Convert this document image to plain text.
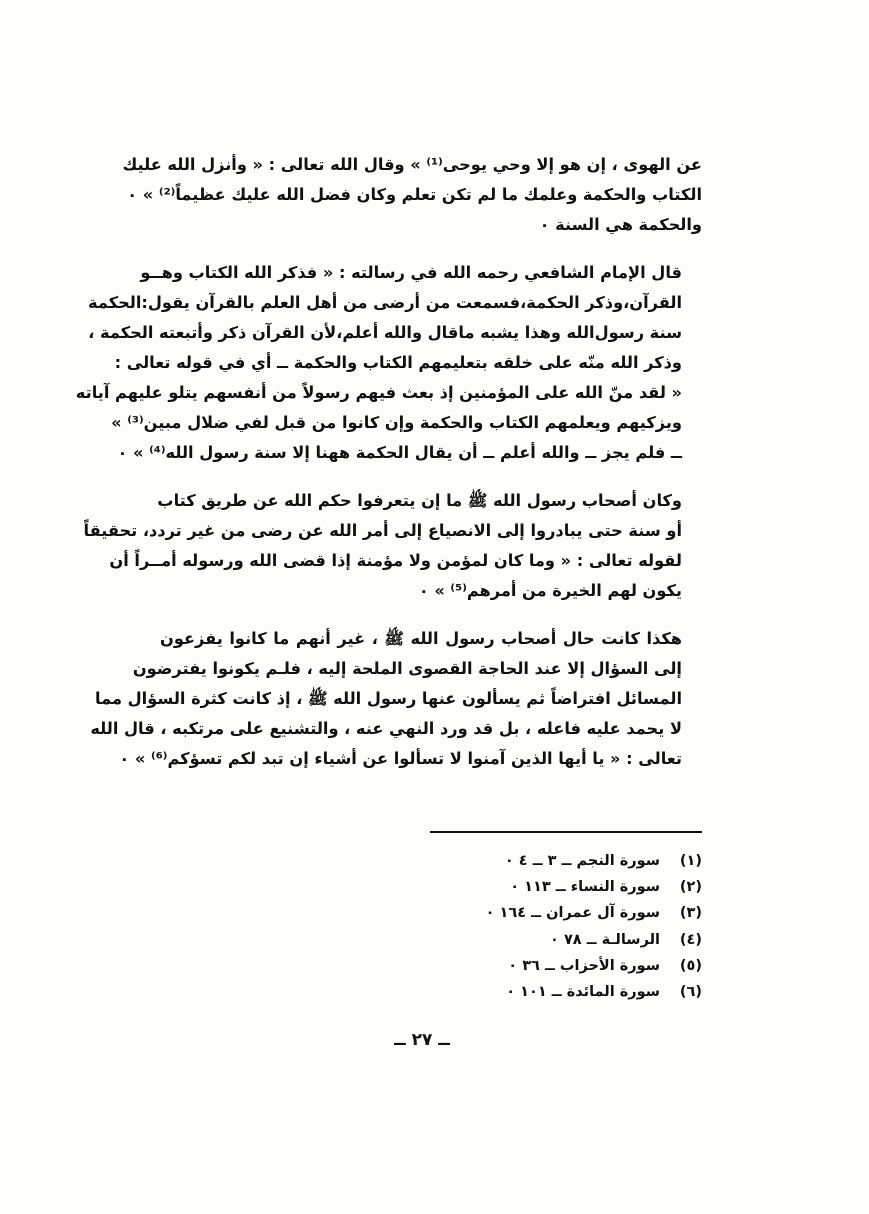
عن الهوى ، إن هو إلا وحي يوحى⁽¹⁾ » وقال الله تعالى : « وأنزل الله عليك
الكتاب والحكمة وعلمك ما لم تكن تعلم وكان فضل الله عليك عظيماً⁽²⁾ » ٠
والحكمة هي السنة ٠

قال الإمام الشافعي رحمه الله في رسالته : « فذكر الله الكتاب وهــو
القرآن،وذكر الحكمة،فسمعت من أرضى من أهل العلم بالقرآن يقول:الحكمة
سنة رسول‌الله وهذا يشبه ماقال والله أعلم،لأن القرآن ذكر وأتبعته الحكمة ،
وذكر الله منّه على خلقه بتعليمهم الكتاب والحكمة ــ أي في قوله تعالى :
« لقد منّ الله على المؤمنين إذ بعث فيهم رسولاً من أنفسهم يتلو عليهم آياته
ويزكيهم ويعلمهم الكتاب والحكمة وإن كانوا من قبل لفي ضلال مبين⁽³⁾ »
ــ فلم يجز ــ والله أعلم ــ أن يقال الحكمة ههنا إلا سنة رسول الله⁽⁴⁾ » ٠

وكان أصحاب رسول الله ﷺ ما إن يتعرفوا حكم الله عن طريق كتاب
أو سنة حتى يبادروا إلى الانصياع إلى أمر الله عن رضى من غير تردد، تحقيقاً
لقوله تعالى : « وما كان لمؤمن ولا مؤمنة إذا قضى الله ورسوله أمــراً أن
يكون لهم الخيرة من أمرهم⁽⁵⁾ » ٠

هكذا كانت حال أصحاب رسول الله ﷺ ، غير أنهم ما كانوا يفزعون
إلى السؤال إلا عند الحاجة القصوى الملحة إليه ، فلـم يكونوا يفترضون
المسائل افتراضاً ثم يسألون عنها رسول الله ﷺ ، إذ كانت كثرة السؤال مما
لا يحمد عليه فاعله ، بل قد ورد النهي عنه ، والتشنيع على مرتكبه ، قال الله
تعالى : « يا أيها الذين آمنوا لا تسألوا عن أشياء إن تبد لكم تسؤكم⁽⁶⁾ » ٠

(١)
سورة النجم ــ ٣ ــ ٤ ٠
(٢)
سورة النساء ــ ١١٣ ٠
(٣)
سورة آل عمران ــ ١٦٤ ٠
(٤)
الرسالـة ــ ٧٨ ٠
(٥)
سورة الأحزاب ــ ٣٦ ٠
(٦)
سورة المائدة ــ ١٠١ ٠
ــ ٢٧ ــ
